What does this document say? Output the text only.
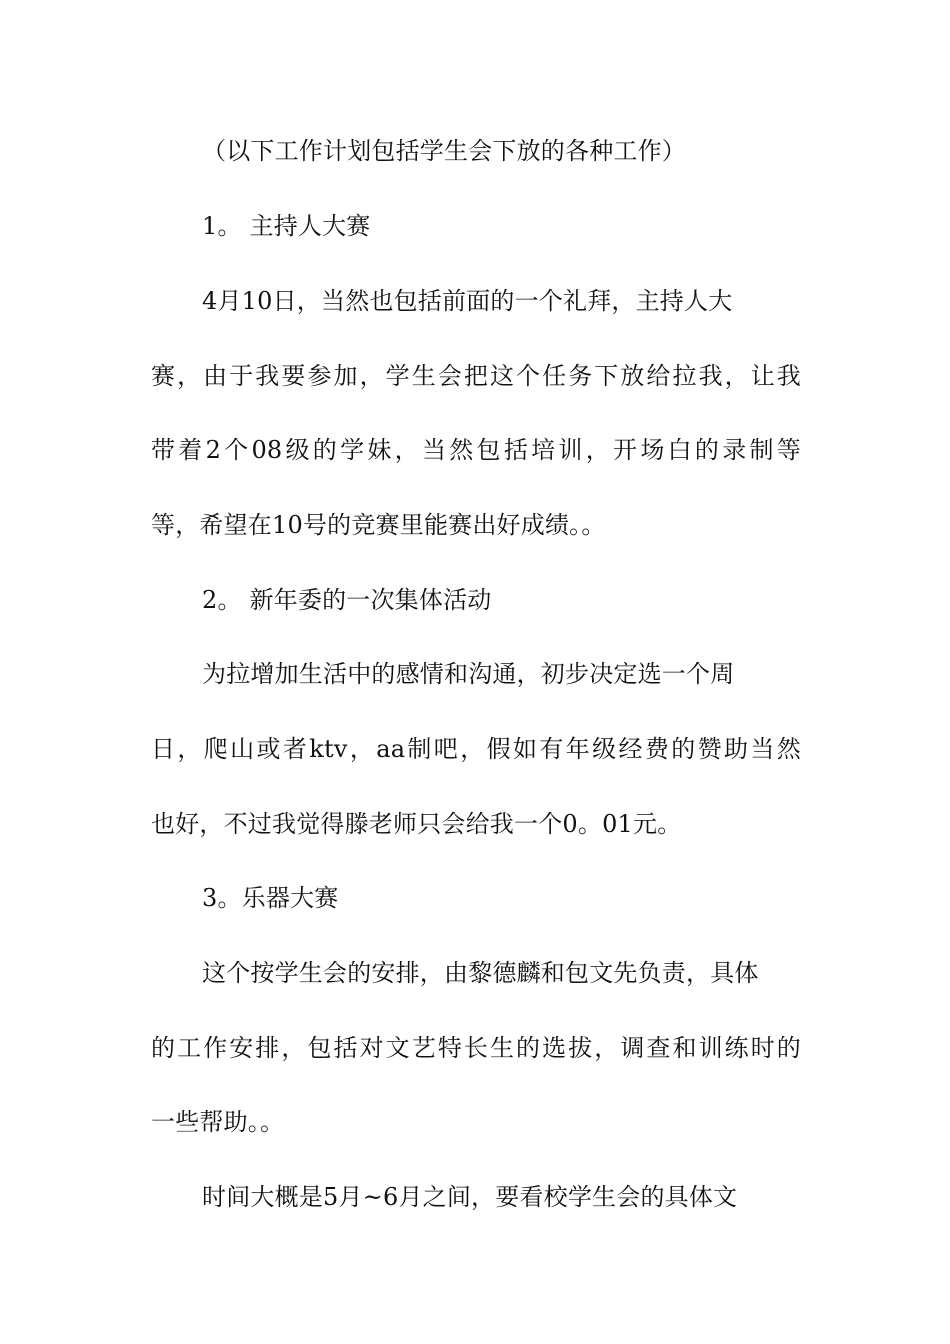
（以下工作计划包括学生会下放的各种工作）
1。 主持人大赛
4月10日，当然也包括前面的一个礼拜，主持人大
赛，由于我要参加，学生会把这个任务下放给拉我，让我
带着2个08级的学妹，当然包括培训，开场白的录制等
等，希望在10号的竞赛里能赛出好成绩。。
2。 新年委的一次集体活动
为拉增加生活中的感情和沟通，初步决定选一个周
日，爬山或者ktv，aa制吧，假如有年级经费的赞助当然
也好，不过我觉得滕老师只会给我一个0。01元。
3。乐器大赛
这个按学生会的安排，由黎德麟和包文先负责，具体
的工作安排，包括对文艺特长生的选拔，调查和训练时的
一些帮助。。
时间大概是5月~6月之间，要看校学生会的具体文
